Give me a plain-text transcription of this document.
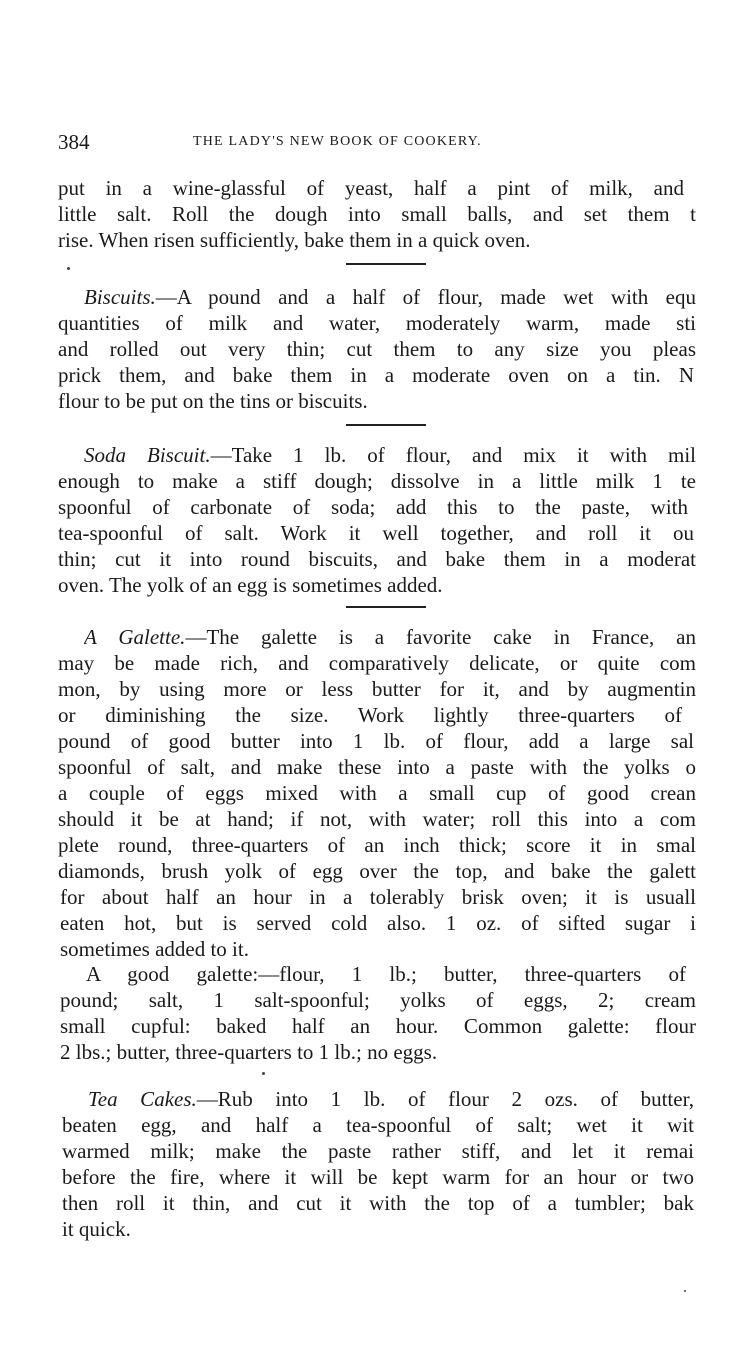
384	THE LADY'S NEW BOOK OF COOKERY.
put in a wine-glassful of yeast, half a pint of milk, and
little salt. Roll the dough into small balls, and set them t
rise. When risen sufficiently, bake them in a quick oven.
Biscuits.—A pound and a half of flour, made wet with equ
quantities of milk and water, moderately warm, made sti
and rolled out very thin; cut them to any size you pleas
prick them, and bake them in a moderate oven on a tin. N
flour to be put on the tins or biscuits.
Soda Biscuit.—Take 1 lb. of flour, and mix it with mil
enough to make a stiff dough; dissolve in a little milk 1 te
spoonful of carbonate of soda; add this to the paste, with
tea-spoonful of salt. Work it well together, and roll it ou
thin; cut it into round biscuits, and bake them in a moderat
oven. The yolk of an egg is sometimes added.
A Galette.—The galette is a favorite cake in France, an
may be made rich, and comparatively delicate, or quite com
mon, by using more or less butter for it, and by augmentin
or diminishing the size. Work lightly three-quarters of
pound of good butter into 1 lb. of flour, add a large sal
spoonful of salt, and make these into a paste with the yolks o
a couple of eggs mixed with a small cup of good crean
should it be at hand; if not, with water; roll this into a com
plete round, three-quarters of an inch thick; score it in smal
diamonds, brush yolk of egg over the top, and bake the galett
for about half an hour in a tolerably brisk oven; it is usuall
eaten hot, but is served cold also. 1 oz. of sifted sugar i
sometimes added to it.
A good galette:—flour, 1 lb.; butter, three-quarters of
pound; salt, 1 salt-spoonful; yolks of eggs, 2; cream
small cupful: baked half an hour. Common galette: flour
2 lbs.; butter, three-quarters to 1 lb.; no eggs.
Tea Cakes.—Rub into 1 lb. of flour 2 ozs. of butter,
beaten egg, and half a tea-spoonful of salt; wet it wit
warmed milk; make the paste rather stiff, and let it remai
before the fire, where it will be kept warm for an hour or two
then roll it thin, and cut it with the top of a tumbler; bak
it quick.
